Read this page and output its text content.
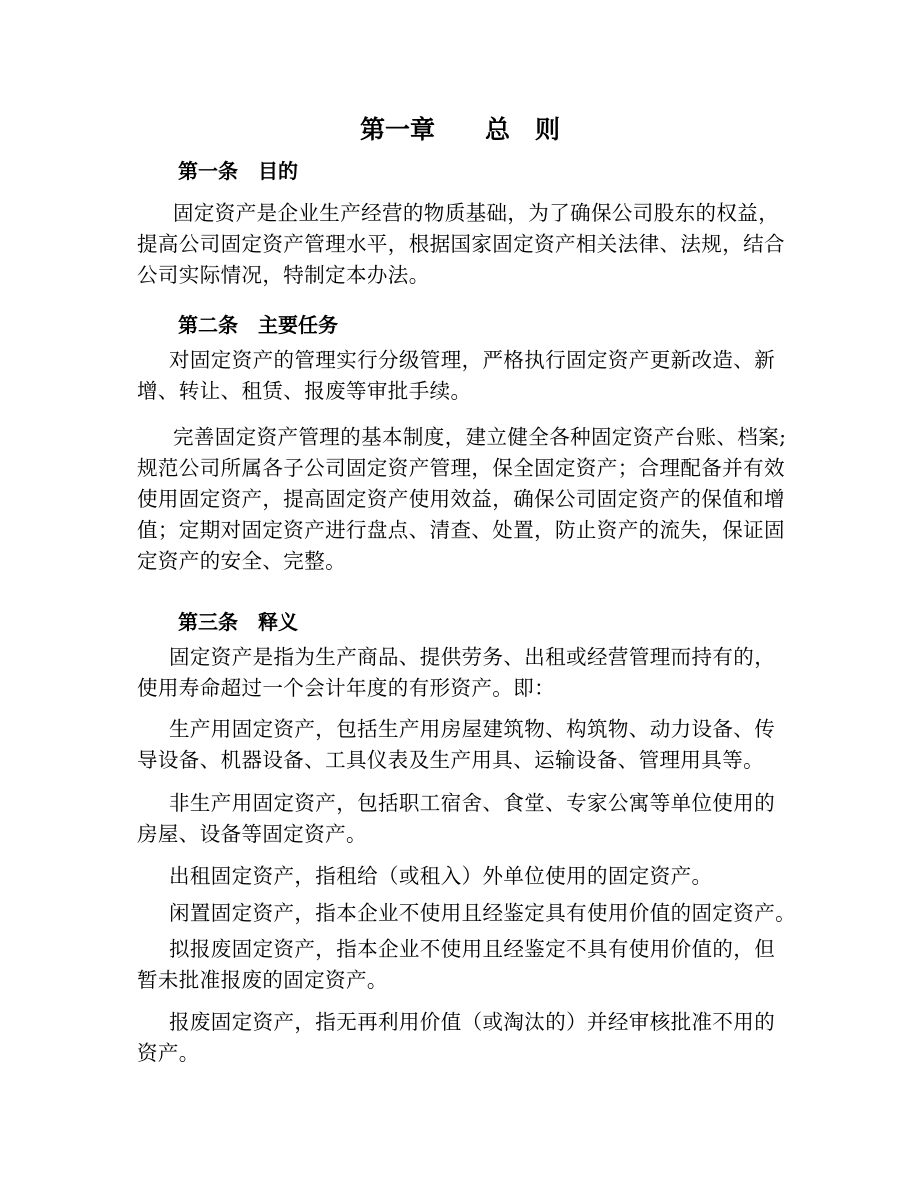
第一章　　总　则
第一条　目的
固定资产是企业生产经营的物质基础，为了确保公司股东的权益，
提高公司固定资产管理水平，根据国家固定资产相关法律、法规，结合
公司实际情况，特制定本办法。
第二条　主要任务
对固定资产的管理实行分级管理，严格执行固定资产更新改造、新
增、转让、租赁、报废等审批手续。
完善固定资产管理的基本制度，建立健全各种固定资产台账、档案;
规范公司所属各子公司固定资产管理，保全固定资产；合理配备并有效
使用固定资产，提高固定资产使用效益，确保公司固定资产的保值和增
值；定期对固定资产进行盘点、清查、处置，防止资产的流失，保证固
定资产的安全、完整。
第三条　释义
固定资产是指为生产商品、提供劳务、出租或经营管理而持有的，
使用寿命超过一个会计年度的有形资产。即：
生产用固定资产，包括生产用房屋建筑物、构筑物、动力设备、传
导设备、机器设备、工具仪表及生产用具、运输设备、管理用具等。
非生产用固定资产，包括职工宿舍、食堂、专家公寓等单位使用的
房屋、设备等固定资产。
出租固定资产，指租给（或租入）外单位使用的固定资产。
闲置固定资产，指本企业不使用且经鉴定具有使用价值的固定资产。
拟报废固定资产，指本企业不使用且经鉴定不具有使用价值的，但
暂未批准报废的固定资产。
报废固定资产，指无再利用价值（或淘汰的）并经审核批准不用的
资产。
